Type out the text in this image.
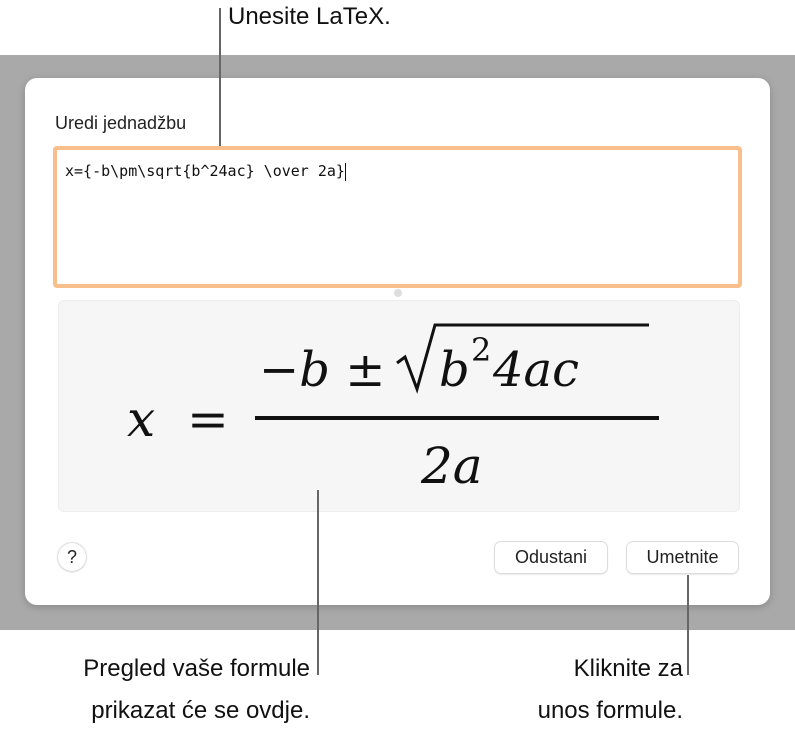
Uredi jednadžbu
x={-b\pm\sqrt{b^24ac} \over 2a}
x =
−b ± b 2 4ac
2a
?	Odustani	Umetnite
Unesite LaTeX.
Pregled vaše formule
prikazat će se ovdje.
Kliknite za
unos formule.
